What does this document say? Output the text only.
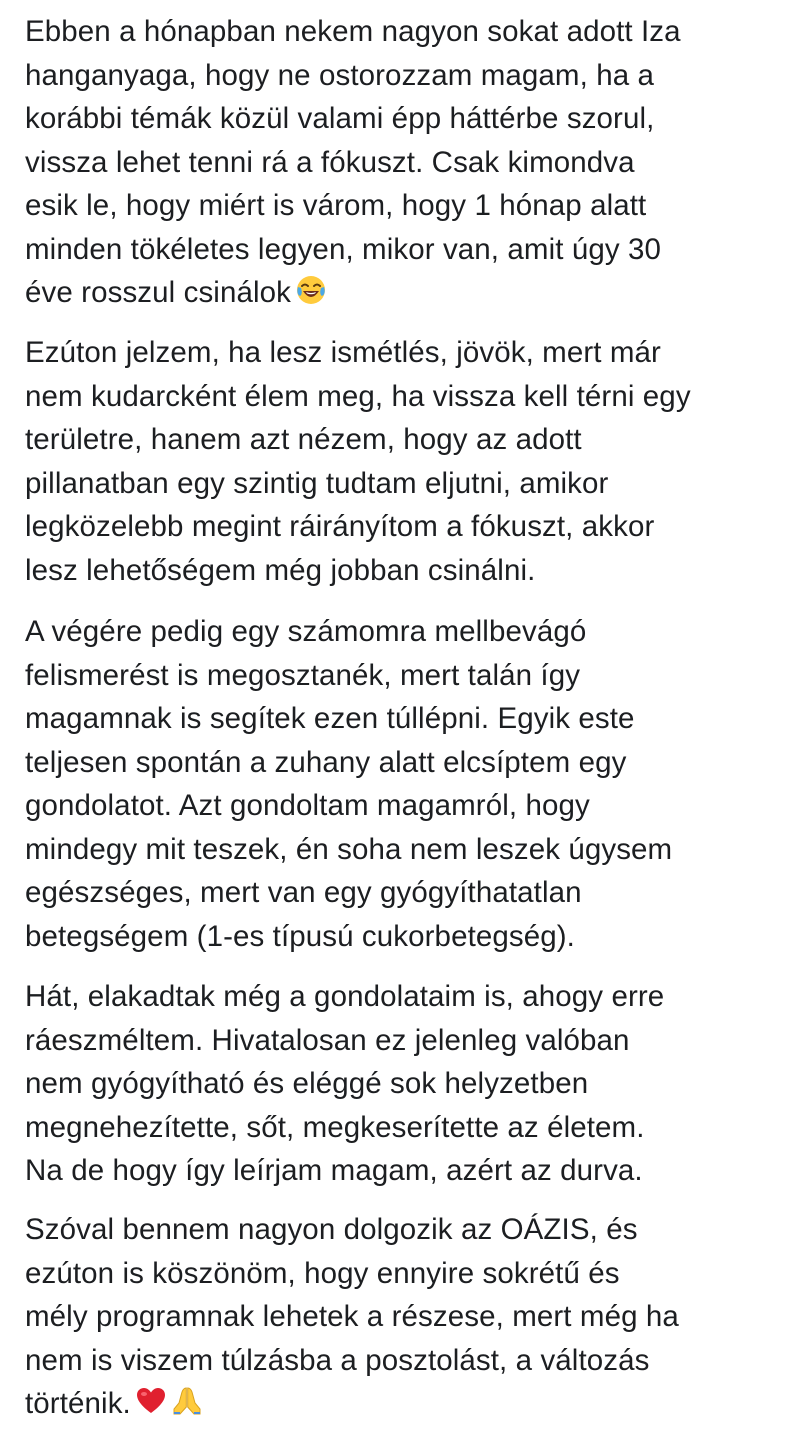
Ebben a hónapban nekem nagyon sokat adott Iza
hanganyaga, hogy ne ostorozzam magam, ha a
korábbi témák közül valami épp háttérbe szorul,
vissza lehet tenni rá a fókuszt. Csak kimondva
esik le, hogy miért is várom, hogy 1 hónap alatt
minden tökéletes legyen, mikor van, amit úgy 30
éve rosszul csinálok
Ezúton jelzem, ha lesz ismétlés, jövök, mert már
nem kudarcként élem meg, ha vissza kell térni egy
területre, hanem azt nézem, hogy az adott
pillanatban egy szintig tudtam eljutni, amikor
legközelebb megint ráirányítom a fókuszt, akkor
lesz lehetőségem még jobban csinálni.
A végére pedig egy számomra mellbevágó
felismerést is megosztanék, mert talán így
magamnak is segítek ezen túllépni. Egyik este
teljesen spontán a zuhany alatt elcsíptem egy
gondolatot. Azt gondoltam magamról, hogy
mindegy mit teszek, én soha nem leszek úgysem
egészséges, mert van egy gyógyíthatatlan
betegségem (1-es típusú cukorbetegség).
Hát, elakadtak még a gondolataim is, ahogy erre
ráeszméltem. Hivatalosan ez jelenleg valóban
nem gyógyítható és eléggé sok helyzetben
megnehezítette, sőt, megkeserítette az életem.
Na de hogy így leírjam magam, azért az durva.
Szóval bennem nagyon dolgozik az OÁZIS, és
ezúton is köszönöm, hogy ennyire sokrétű és
mély programnak lehetek a részese, mert még ha
nem is viszem túlzásba a posztolást, a változás
történik.
